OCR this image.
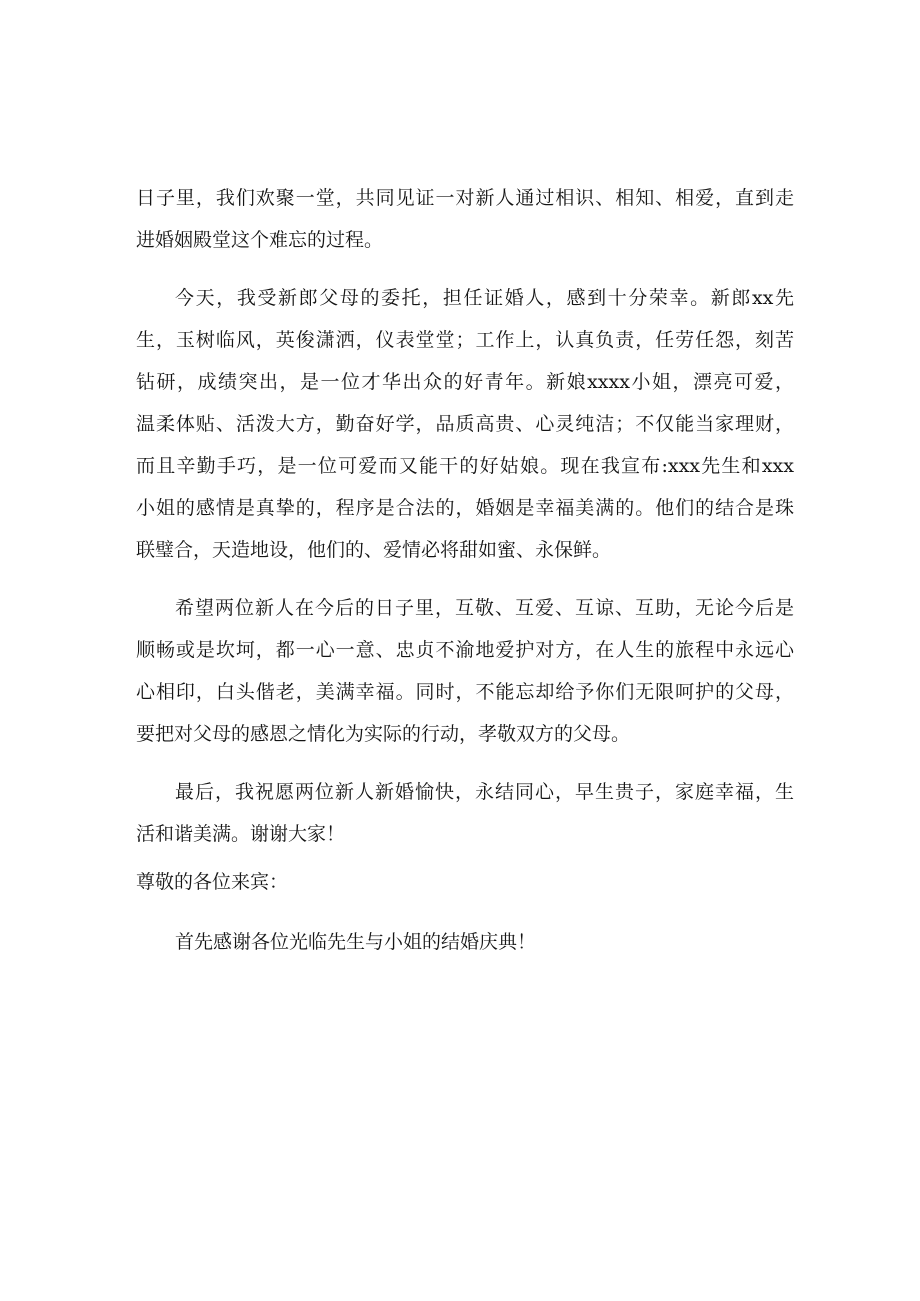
日子里，我们欢聚一堂，共同见证一对新人通过相识、相知、相爱，直到走

进婚姻殿堂这个难忘的过程。

今天，我受新郎父母的委托，担任证婚人，感到十分荣幸。新郎xx先

生，玉树临风，英俊潇洒，仪表堂堂；工作上，认真负责，任劳任怨，刻苦

钻研，成绩突出，是一位才华出众的好青年。新娘xxxx小姐，漂亮可爱，

温柔体贴、活泼大方，勤奋好学，品质高贵、心灵纯洁；不仅能当家理财，

而且辛勤手巧，是一位可爱而又能干的好姑娘。现在我宣布:xxx先生和xxx

小姐的感情是真挚的，程序是合法的，婚姻是幸福美满的。他们的结合是珠

联璧合，天造地设，他们的、爱情必将甜如蜜、永保鲜。

希望两位新人在今后的日子里，互敬、互爱、互谅、互助，无论今后是

顺畅或是坎坷，都一心一意、忠贞不渝地爱护对方，在人生的旅程中永远心

心相印，白头偕老，美满幸福。同时，不能忘却给予你们无限呵护的父母，

要把对父母的感恩之情化为实际的行动，孝敬双方的父母。

最后，我祝愿两位新人新婚愉快，永结同心，早生贵子，家庭幸福，生

活和谐美满。谢谢大家！

尊敬的各位来宾：

首先感谢各位光临先生与小姐的结婚庆典！
